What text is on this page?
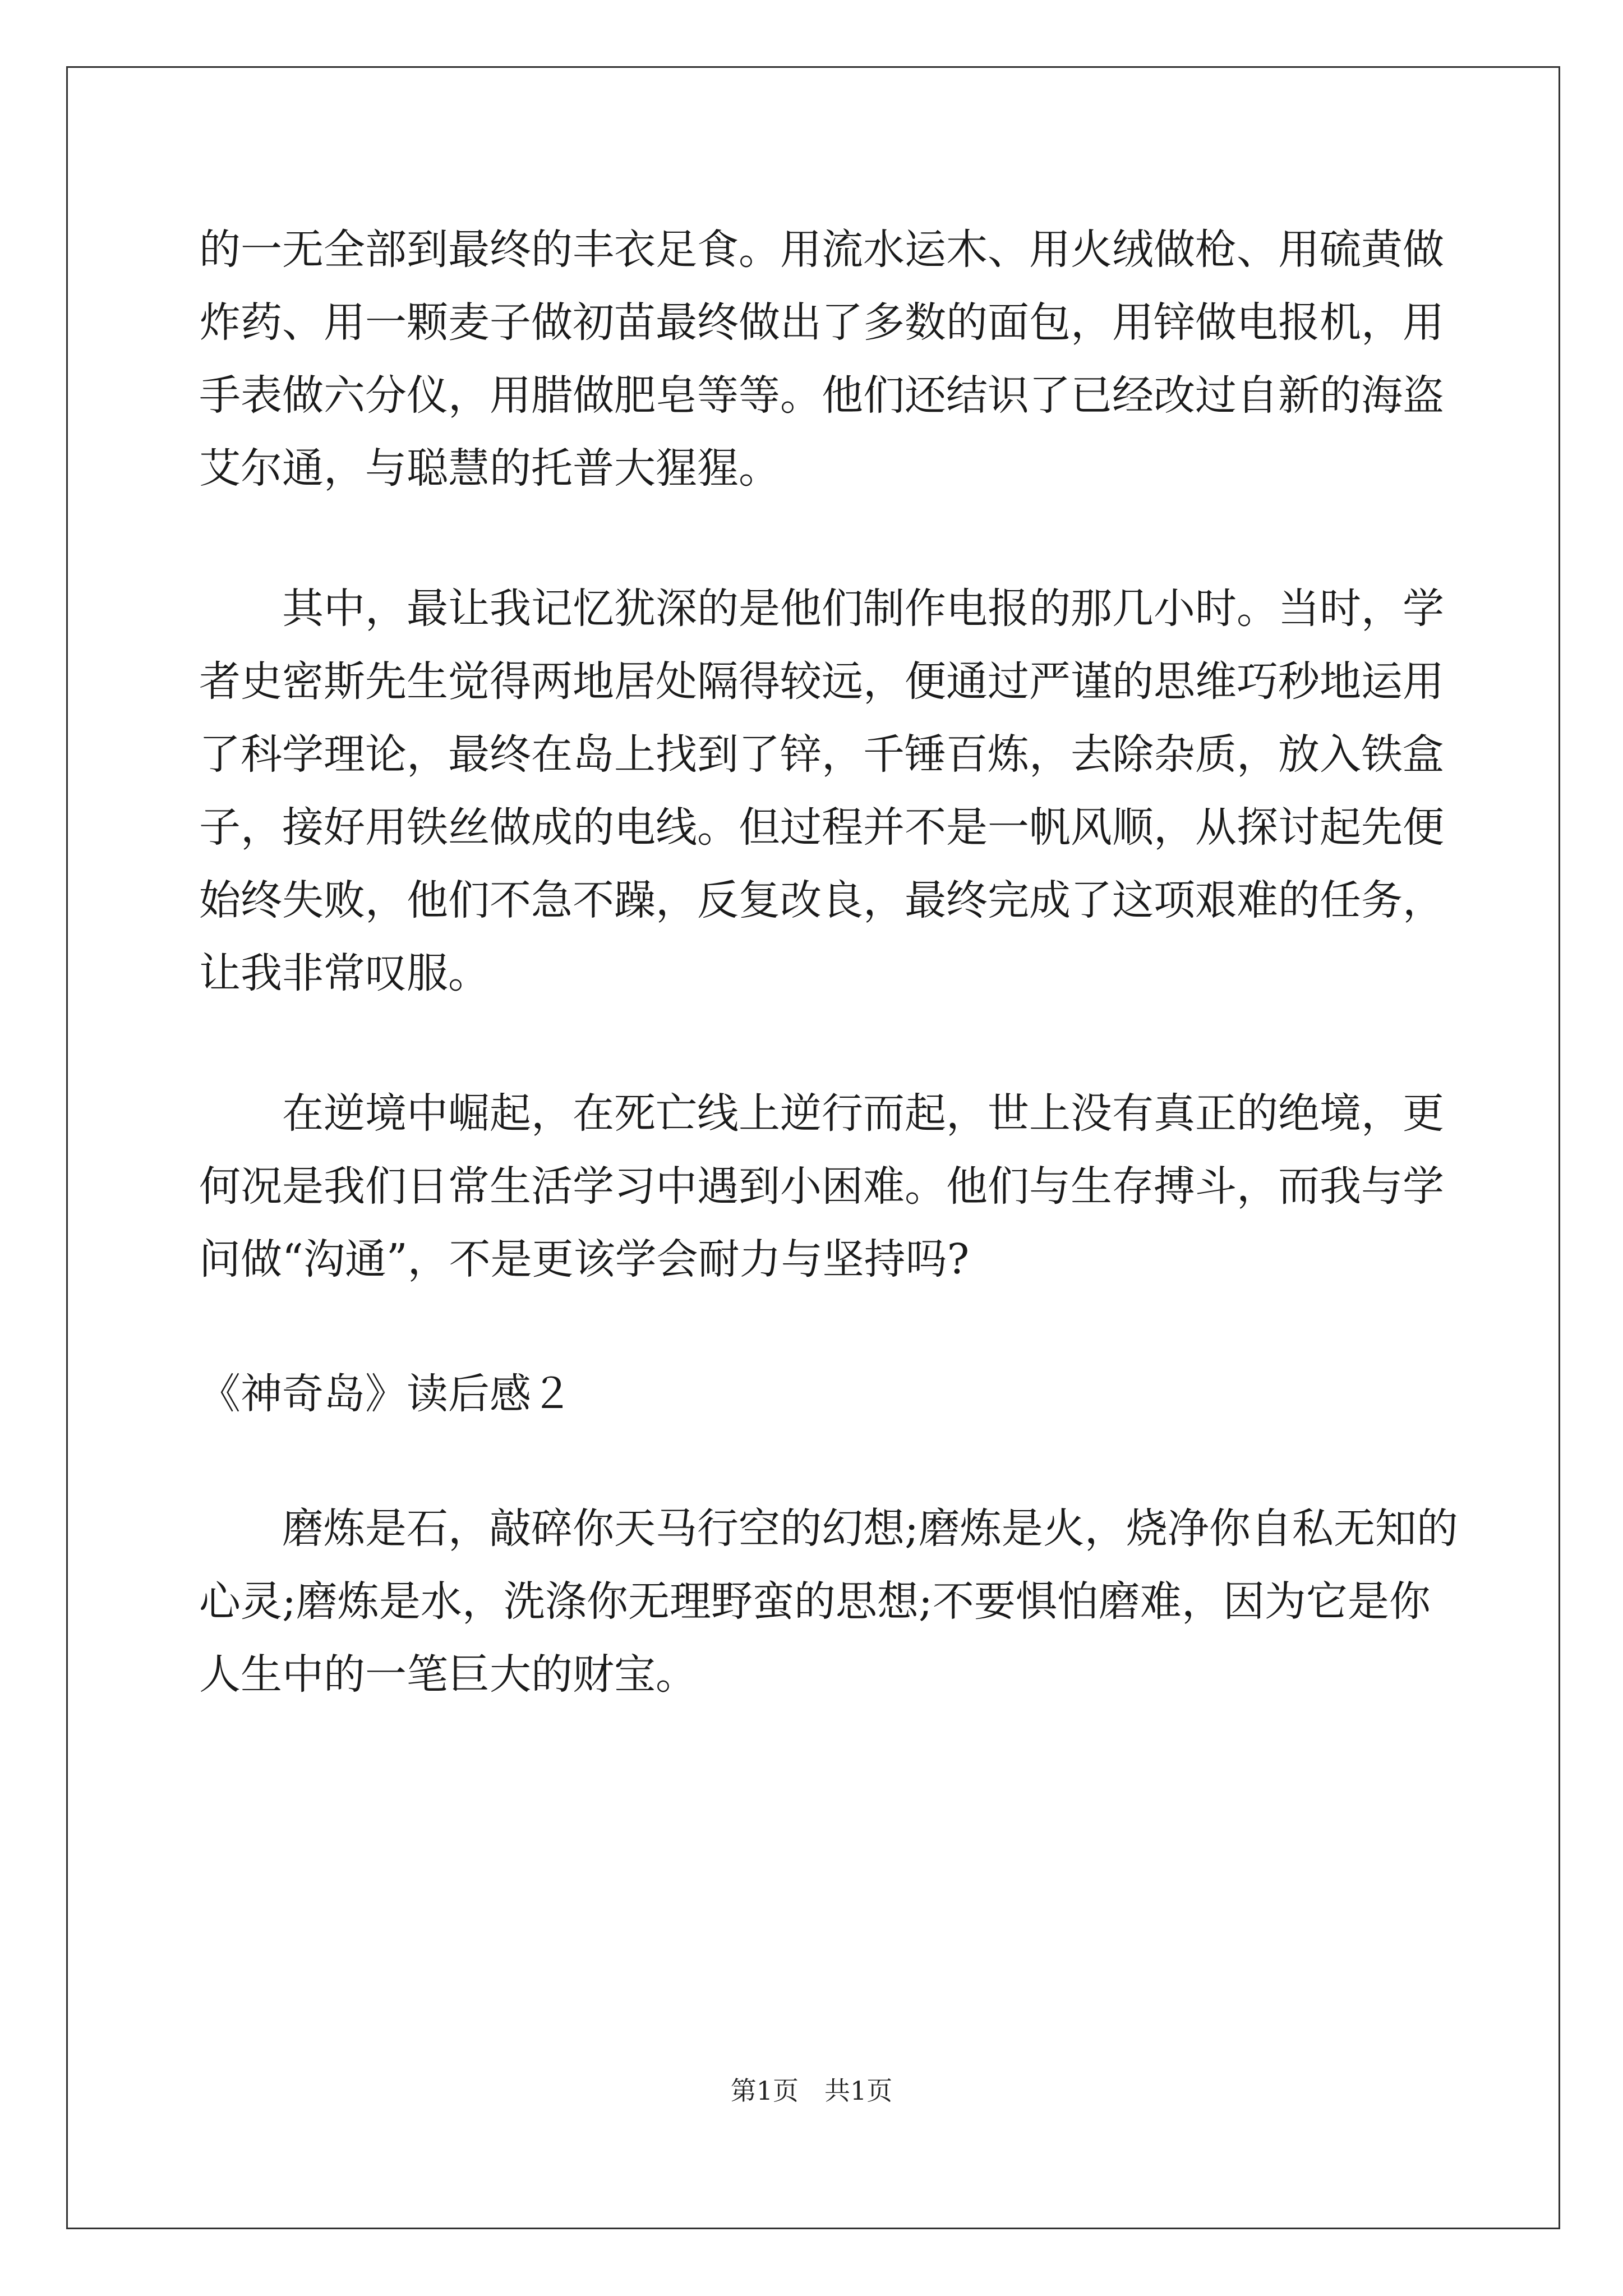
的一无全部到最终的丰衣足食。用流水运木、用火绒做枪、用硫黄做
炸药、用一颗麦子做初苗最终做出了多数的面包，用锌做电报机，用
手表做六分仪，用腊做肥皂等等。他们还结识了已经改过自新的海盗
艾尔通，与聪慧的托普大猩猩。
　　其中，最让我记忆犹深的是他们制作电报的那几小时。当时，学
者史密斯先生觉得两地居处隔得较远，便通过严谨的思维巧秒地运用
了科学理论，最终在岛上找到了锌，千锤百炼，去除杂质，放入铁盒
子，接好用铁丝做成的电线。但过程并不是一帆风顺，从探讨起先便
始终失败，他们不急不躁，反复改良，最终完成了这项艰难的任务，
让我非常叹服。
　　在逆境中崛起，在死亡线上逆行而起，世上没有真正的绝境，更
何况是我们日常生活学习中遇到小困难。他们与生存搏斗，而我与学
问做“沟通”，不是更该学会耐力与坚持吗?
《神奇岛》读后感２
　　磨炼是石，敲碎你天马行空的幻想;磨炼是火，烧净你自私无知的
心灵;磨炼是水，洗涤你无理野蛮的思想;不要惧怕磨难，因为它是你
人生中的一笔巨大的财宝。
第1页　共1页
